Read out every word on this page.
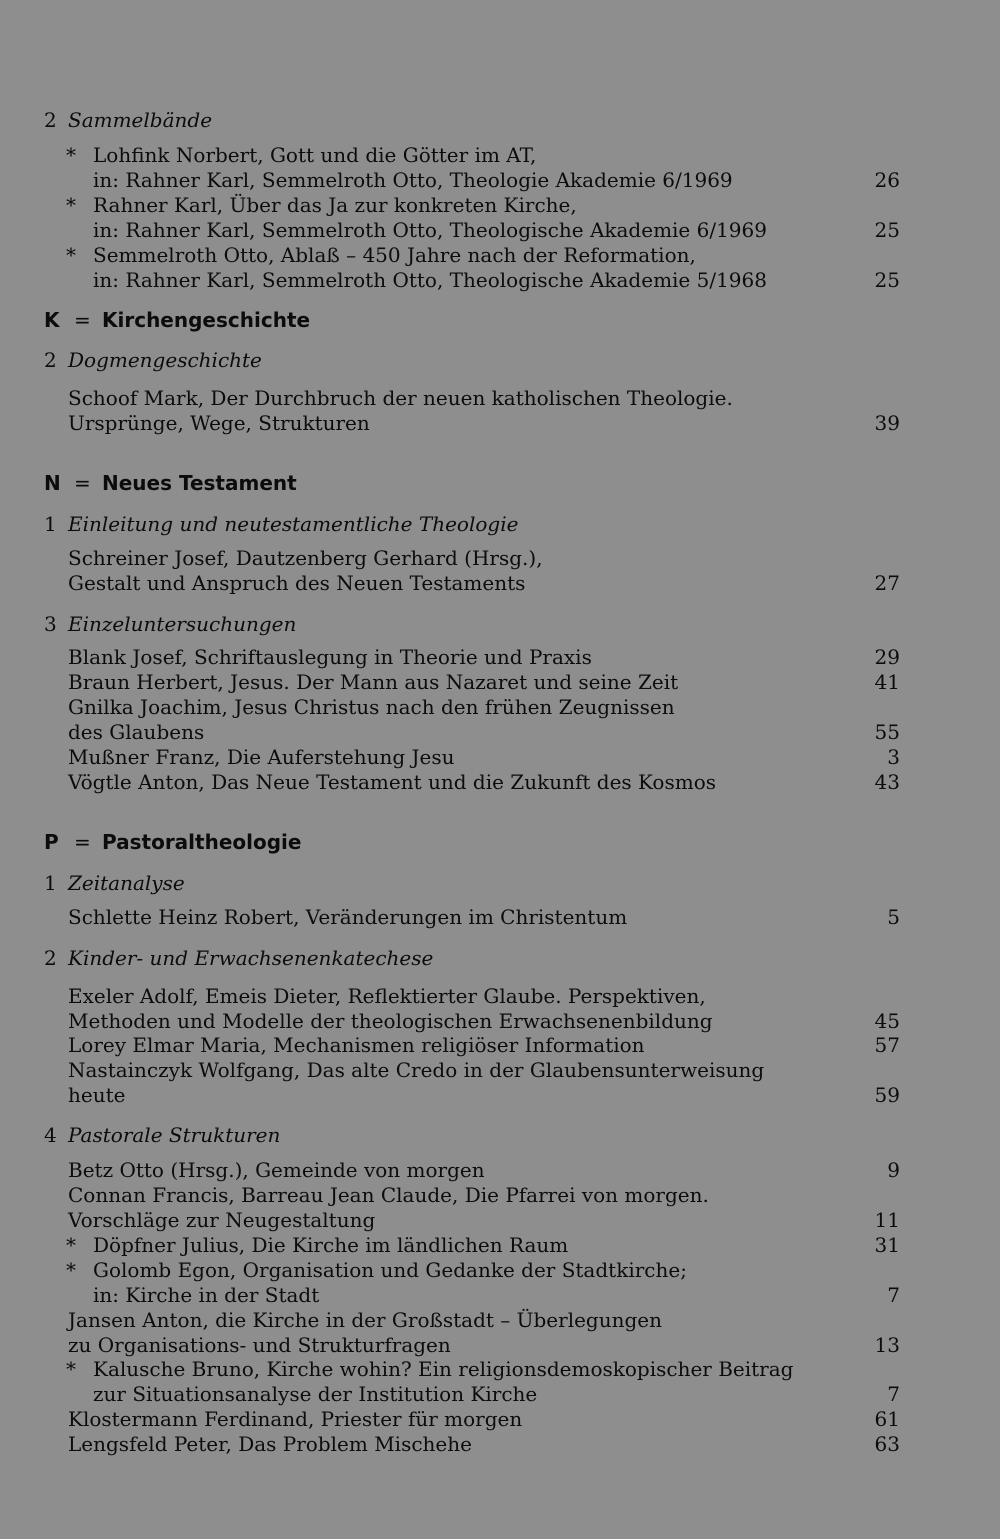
2 Sammelbände
* Lohfink Norbert, Gott und die Götter im AT,
in: Rahner Karl, Semmelroth Otto, Theologie Akademie 6/1969	26
* Rahner Karl, Über das Ja zur konkreten Kirche,
in: Rahner Karl, Semmelroth Otto, Theologische Akademie 6/1969	25
* Semmelroth Otto, Ablaß – 450 Jahre nach der Reformation,
in: Rahner Karl, Semmelroth Otto, Theologische Akademie 5/1968	25
K = Kirchengeschichte
2 Dogmengeschichte
Schoof Mark, Der Durchbruch der neuen katholischen Theologie.
Ursprünge, Wege, Strukturen	39
N = Neues Testament
1 Einleitung und neutestamentliche Theologie
Schreiner Josef, Dautzenberg Gerhard (Hrsg.),
Gestalt und Anspruch des Neuen Testaments	27
3 Einzeluntersuchungen
Blank Josef, Schriftauslegung in Theorie und Praxis	29
Braun Herbert, Jesus. Der Mann aus Nazaret und seine Zeit	41
Gnilka Joachim, Jesus Christus nach den frühen Zeugnissen
des Glaubens	55
Mußner Franz, Die Auferstehung Jesu	3
Vögtle Anton, Das Neue Testament und die Zukunft des Kosmos	43
P = Pastoraltheologie
1 Zeitanalyse
Schlette Heinz Robert, Veränderungen im Christentum	5
2 Kinder- und Erwachsenenkatechese
Exeler Adolf, Emeis Dieter, Reflektierter Glaube. Perspektiven,
Methoden und Modelle der theologischen Erwachsenenbildung	45
Lorey Elmar Maria, Mechanismen religiöser Information	57
Nastainczyk Wolfgang, Das alte Credo in der Glaubensunterweisung
heute	59
4 Pastorale Strukturen
Betz Otto (Hrsg.), Gemeinde von morgen	9
Connan Francis, Barreau Jean Claude, Die Pfarrei von morgen.
Vorschläge zur Neugestaltung	11
* Döpfner Julius, Die Kirche im ländlichen Raum	31
* Golomb Egon, Organisation und Gedanke der Stadtkirche;
in: Kirche in der Stadt	7
Jansen Anton, die Kirche in der Großstadt – Überlegungen
zu Organisations- und Strukturfragen	13
* Kalusche Bruno, Kirche wohin? Ein religionsdemoskopischer Beitrag
zur Situationsanalyse der Institution Kirche	7
Klostermann Ferdinand, Priester für morgen	61
Lengsfeld Peter, Das Problem Mischehe	63
